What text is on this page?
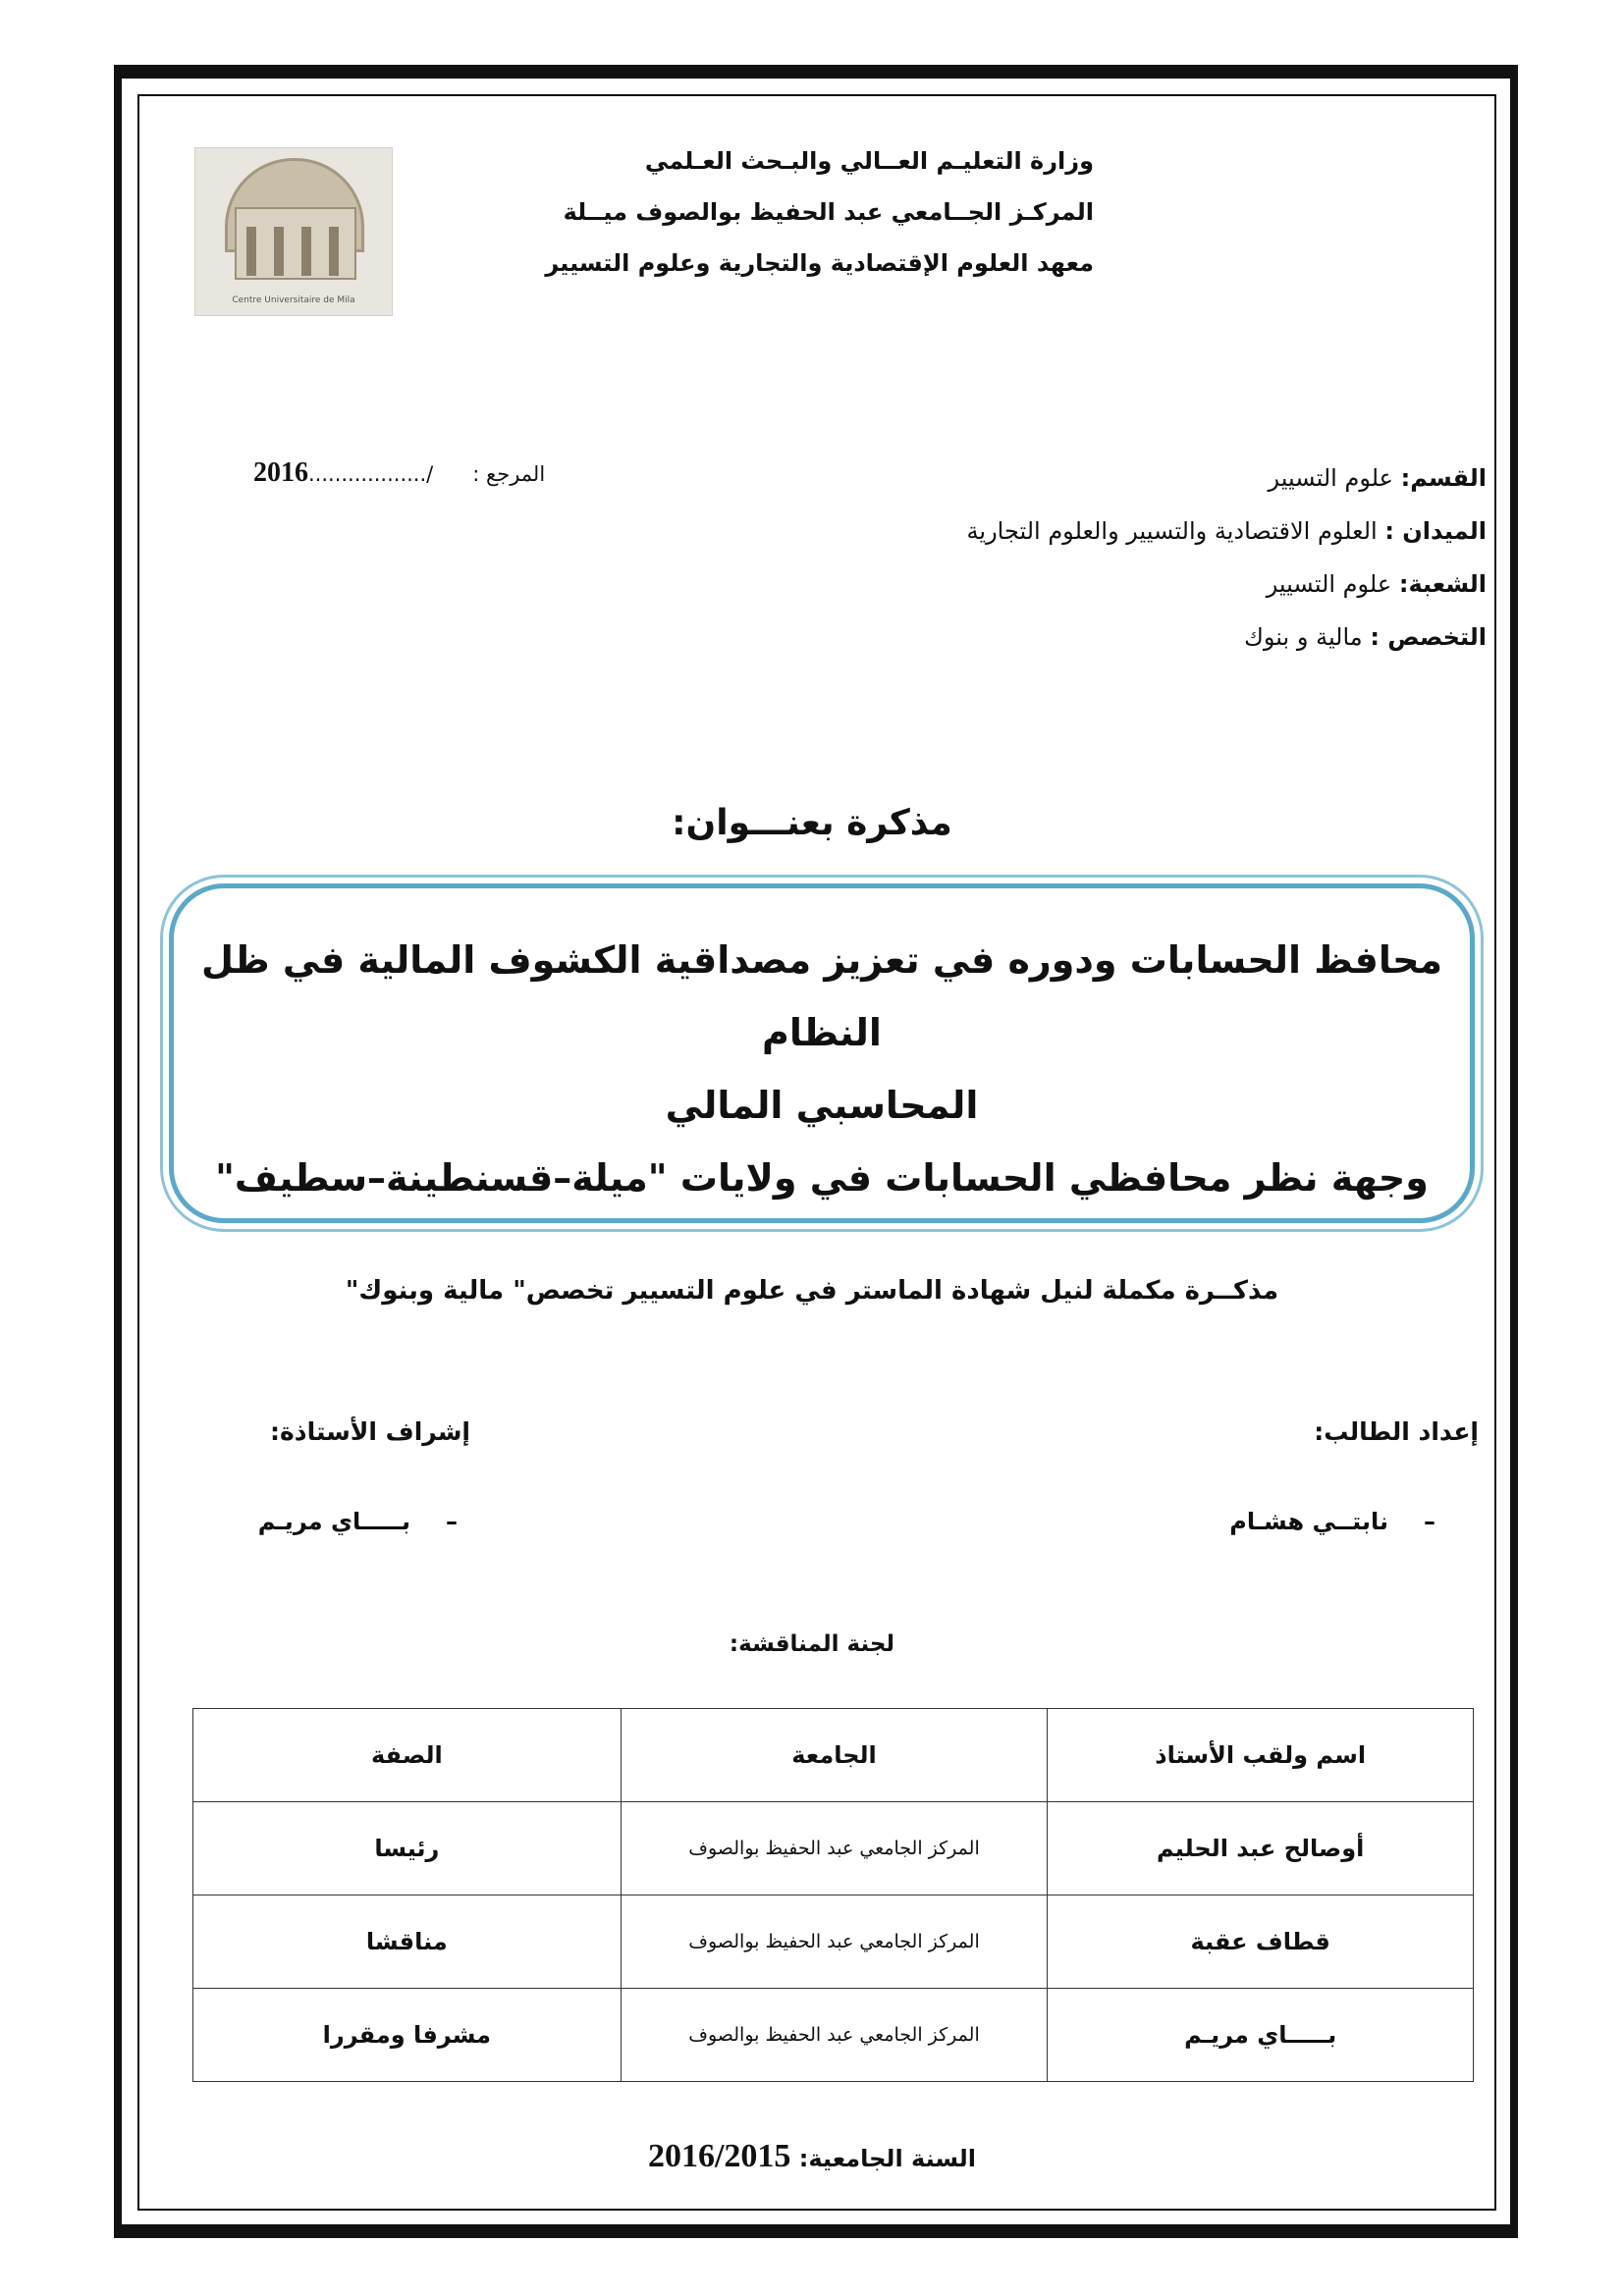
Centre Universitaire de Mila
وزارة التعليـم العــالي والبـحث العـلمي
المركـز الجــامعي عبد الحفيظ بوالصوف ميــلة
معهد العلوم الإقتصادية والتجارية وعلوم التسيير
2016................../ المرجع :	القسم: علوم التسيير
الميدان : العلوم الاقتصادية والتسيير والعلوم التجارية
الشعبة: علوم التسيير
التخصص : مالية و بنوك
مذكرة بعنـــوان:
محافظ الحسابات ودوره في تعزيز مصداقية الكشوف المالية في ظل النظام
المحاسبي المالي
وجهة نظر محافظي الحسابات في ولايات "ميلة–قسنطينة–سطيف"
مذكــرة مكملة لنيل شهادة الماستر في علوم التسيير تخصص" مالية وبنوك"
إعداد الطالب:
إشراف الأستاذة:
–نابتــي هشـام
–بـــــاي مريـم
لجنة المناقشة:
اسم ولقب الأستاذ	الجامعة	الصفة
أوصالح عبد الحليم	المركز الجامعي عبد الحفيظ بوالصوف	رئيسا
قطاف عقبة	المركز الجامعي عبد الحفيظ بوالصوف	مناقشا
بـــــاي مريـم	المركز الجامعي عبد الحفيظ بوالصوف	مشرفا ومقررا
السنة الجامعية: 2016/2015
